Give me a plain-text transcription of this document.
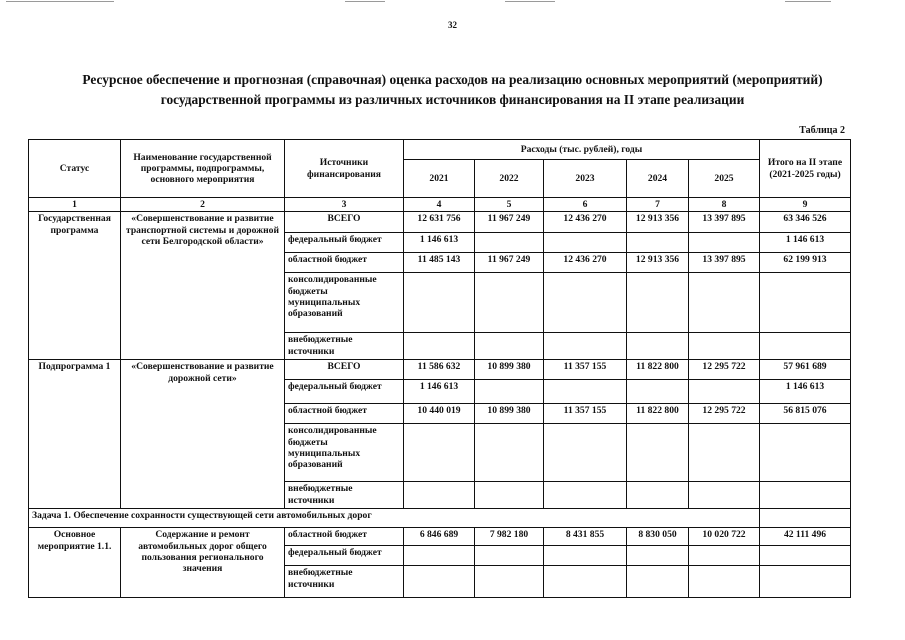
32
Ресурсное обеспечение и прогнозная (справочная) оценка расходов на реализацию основных мероприятий (мероприятий)
государственной программы из различных источников финансирования на II этапе реализации
Таблица 2
Статус	Наименование государственной программы, подпрограммы, основного мероприятия	Источники финансирования	Расходы (тыс. рублей), годы					Итого на II этапе (2021-2025 годы)
			2021	2022	2023	2024	2025	
1	2	3	4	5	6	7	8	9
Государственная программа	«Совершенствование и развитие транспортной системы и дорожной сети Белгородской области»	ВСЕГО	12 631 756	11 967 249	12 436 270	12 913 356	13 397 895	63 346 526
		федеральный бюджет	1 146 613					1 146 613
		областной бюджет	11 485 143	11 967 249	12 436 270	12 913 356	13 397 895	62 199 913
		консолидированные бюджеты муниципальных образований						
		внебюджетные источники						
Подпрограмма 1	«Совершенствование и развитие дорожной сети»	ВСЕГО	11 586 632	10 899 380	11 357 155	11 822 800	12 295 722	57 961 689
		федеральный бюджет	1 146 613					1 146 613
		областной бюджет	10 440 019	10 899 380	11 357 155	11 822 800	12 295 722	56 815 076
		консолидированные бюджеты муниципальных образований						
		внебюджетные источники						
Задача 1. Обеспечение сохранности существующей сети автомобильных дорог								
Основное мероприятие 1.1.	Содержание и ремонт автомобильных дорог общего пользования регионального значения	областной бюджет	6 846 689	7 982 180	8 431 855	8 830 050	10 020 722	42 111 496
		федеральный бюджет						
		внебюджетные источники						
